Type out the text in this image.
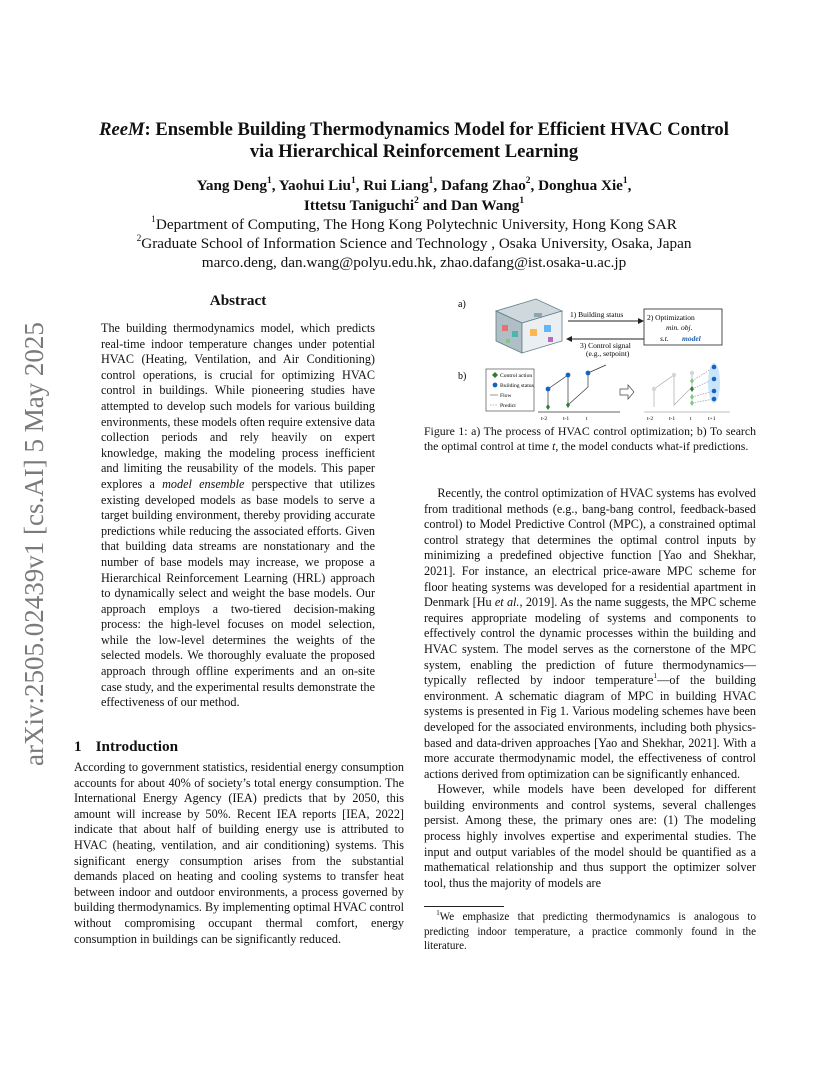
arXiv:2505.02439v1 [cs.AI] 5 May 2025
ReeM: Ensemble Building Thermodynamics Model for Efficient HVAC Control
via Hierarchical Reinforcement Learning
Yang Deng$^1$, Yaohui Liu$^1$, Rui Liang$^1$, Dafang Zhao$^2$, Donghua Xie$^1$,
Ittetsu Taniguchi$^2$ and Dan Wang$^1$
$^1$Department of Computing, The Hong Kong Polytechnic University, Hong Kong SAR
$^2$Graduate School of Information Science and Technology , Osaka University, Osaka, Japan
marco.deng, dan.wang@polyu.edu.hk, zhao.dafang@ist.osaka-u.ac.jp
Abstract

The building thermodynamics model, which predicts real-time indoor temperature changes under potential HVAC (Heating, Ventilation, and Air Conditioning) control operations, is crucial for optimizing HVAC control in buildings. While pioneering studies have attempted to develop such models for various building environments, these models often require extensive data collection periods and rely heavily on expert knowledge, making the modeling process inefficient and limiting the reusability of the models. This paper explores a model ensemble perspective that utilizes existing developed models as base models to serve a target building environment, thereby providing accurate predictions while reducing the associated efforts. Given that building data streams are nonstationary and the number of base models may increase, we propose a Hierarchical Reinforcement Learning (HRL) approach to dynamically select and weight the base models. Our approach employs a two-tiered decision-making process: the high-level focuses on model selection, while the low-level determines the weights of the selected models. We thoroughly evaluate the proposed approach through offline experiments and an on-site case study, and the experimental results demonstrate the effectiveness of our method.

1 Introduction

According to government statistics, residential energy consumption accounts for about 40% of society’s total energy consumption. The International Energy Agency (IEA) predicts that by 2050, this amount will increase by 50%. Recent IEA reports [IEA, 2022] indicate that about half of building energy use is attributed to HVAC (heating, ventilation, and air conditioning) systems. This significant energy consumption arises from the substantial demands placed on heating and cooling systems to transfer heat between indoor and outdoor environments, a process governed by building thermodynamics. By implementing optimal HVAC control without compromising occupant thermal comfort, energy consumption in buildings can be significantly reduced.

a)
1) Building status
3) Control signal
(e.g., setpoint)
2) Optimization
min. obj.
s.t. model
b)	Control action
Building status
Flow
Predict
t-2	t-1	t	t-2	t-1	t	t+1

Figure 1: a) The process of HVAC control optimization; b) To search the optimal control at time t, the model conducts what-if predictions.

Recently, the control optimization of HVAC systems has evolved from traditional methods (e.g., bang-bang control, feedback-based control) to Model Predictive Control (MPC), a constrained optimal control strategy that determines the optimal control inputs by minimizing a predefined objective function [Yao and Shekhar, 2021]. For instance, an electrical price-aware MPC scheme for floor heating systems was developed for a residential apartment in Denmark [Hu et al., 2019]. As the name suggests, the MPC scheme requires appropriate modeling of systems and components to effectively control the dynamic processes within the building and HVAC system. The model serves as the cornerstone of the MPC system, enabling the prediction of future thermodynamics—typically reflected by indoor temperature$^1$—of the building environment. A schematic diagram of MPC in building HVAC systems is presented in Fig 1. Various modeling schemes have been developed for the associated environments, including both physics-based and data-driven approaches [Yao and Shekhar, 2021]. With a more accurate thermodynamic model, the effectiveness of control actions derived from optimization can be significantly enhanced.

However, while models have been developed for different building environments and control systems, several challenges persist. Among these, the primary ones are: (1) The modeling process highly involves expertise and experimental studies. The input and output variables of the model should be quantified as a mathematical relationship and thus support the optimizer solver tool, thus the majority of models are

$^1$We emphasize that predicting thermodynamics is analogous to predicting indoor temperature, a practice commonly found in the literature.
